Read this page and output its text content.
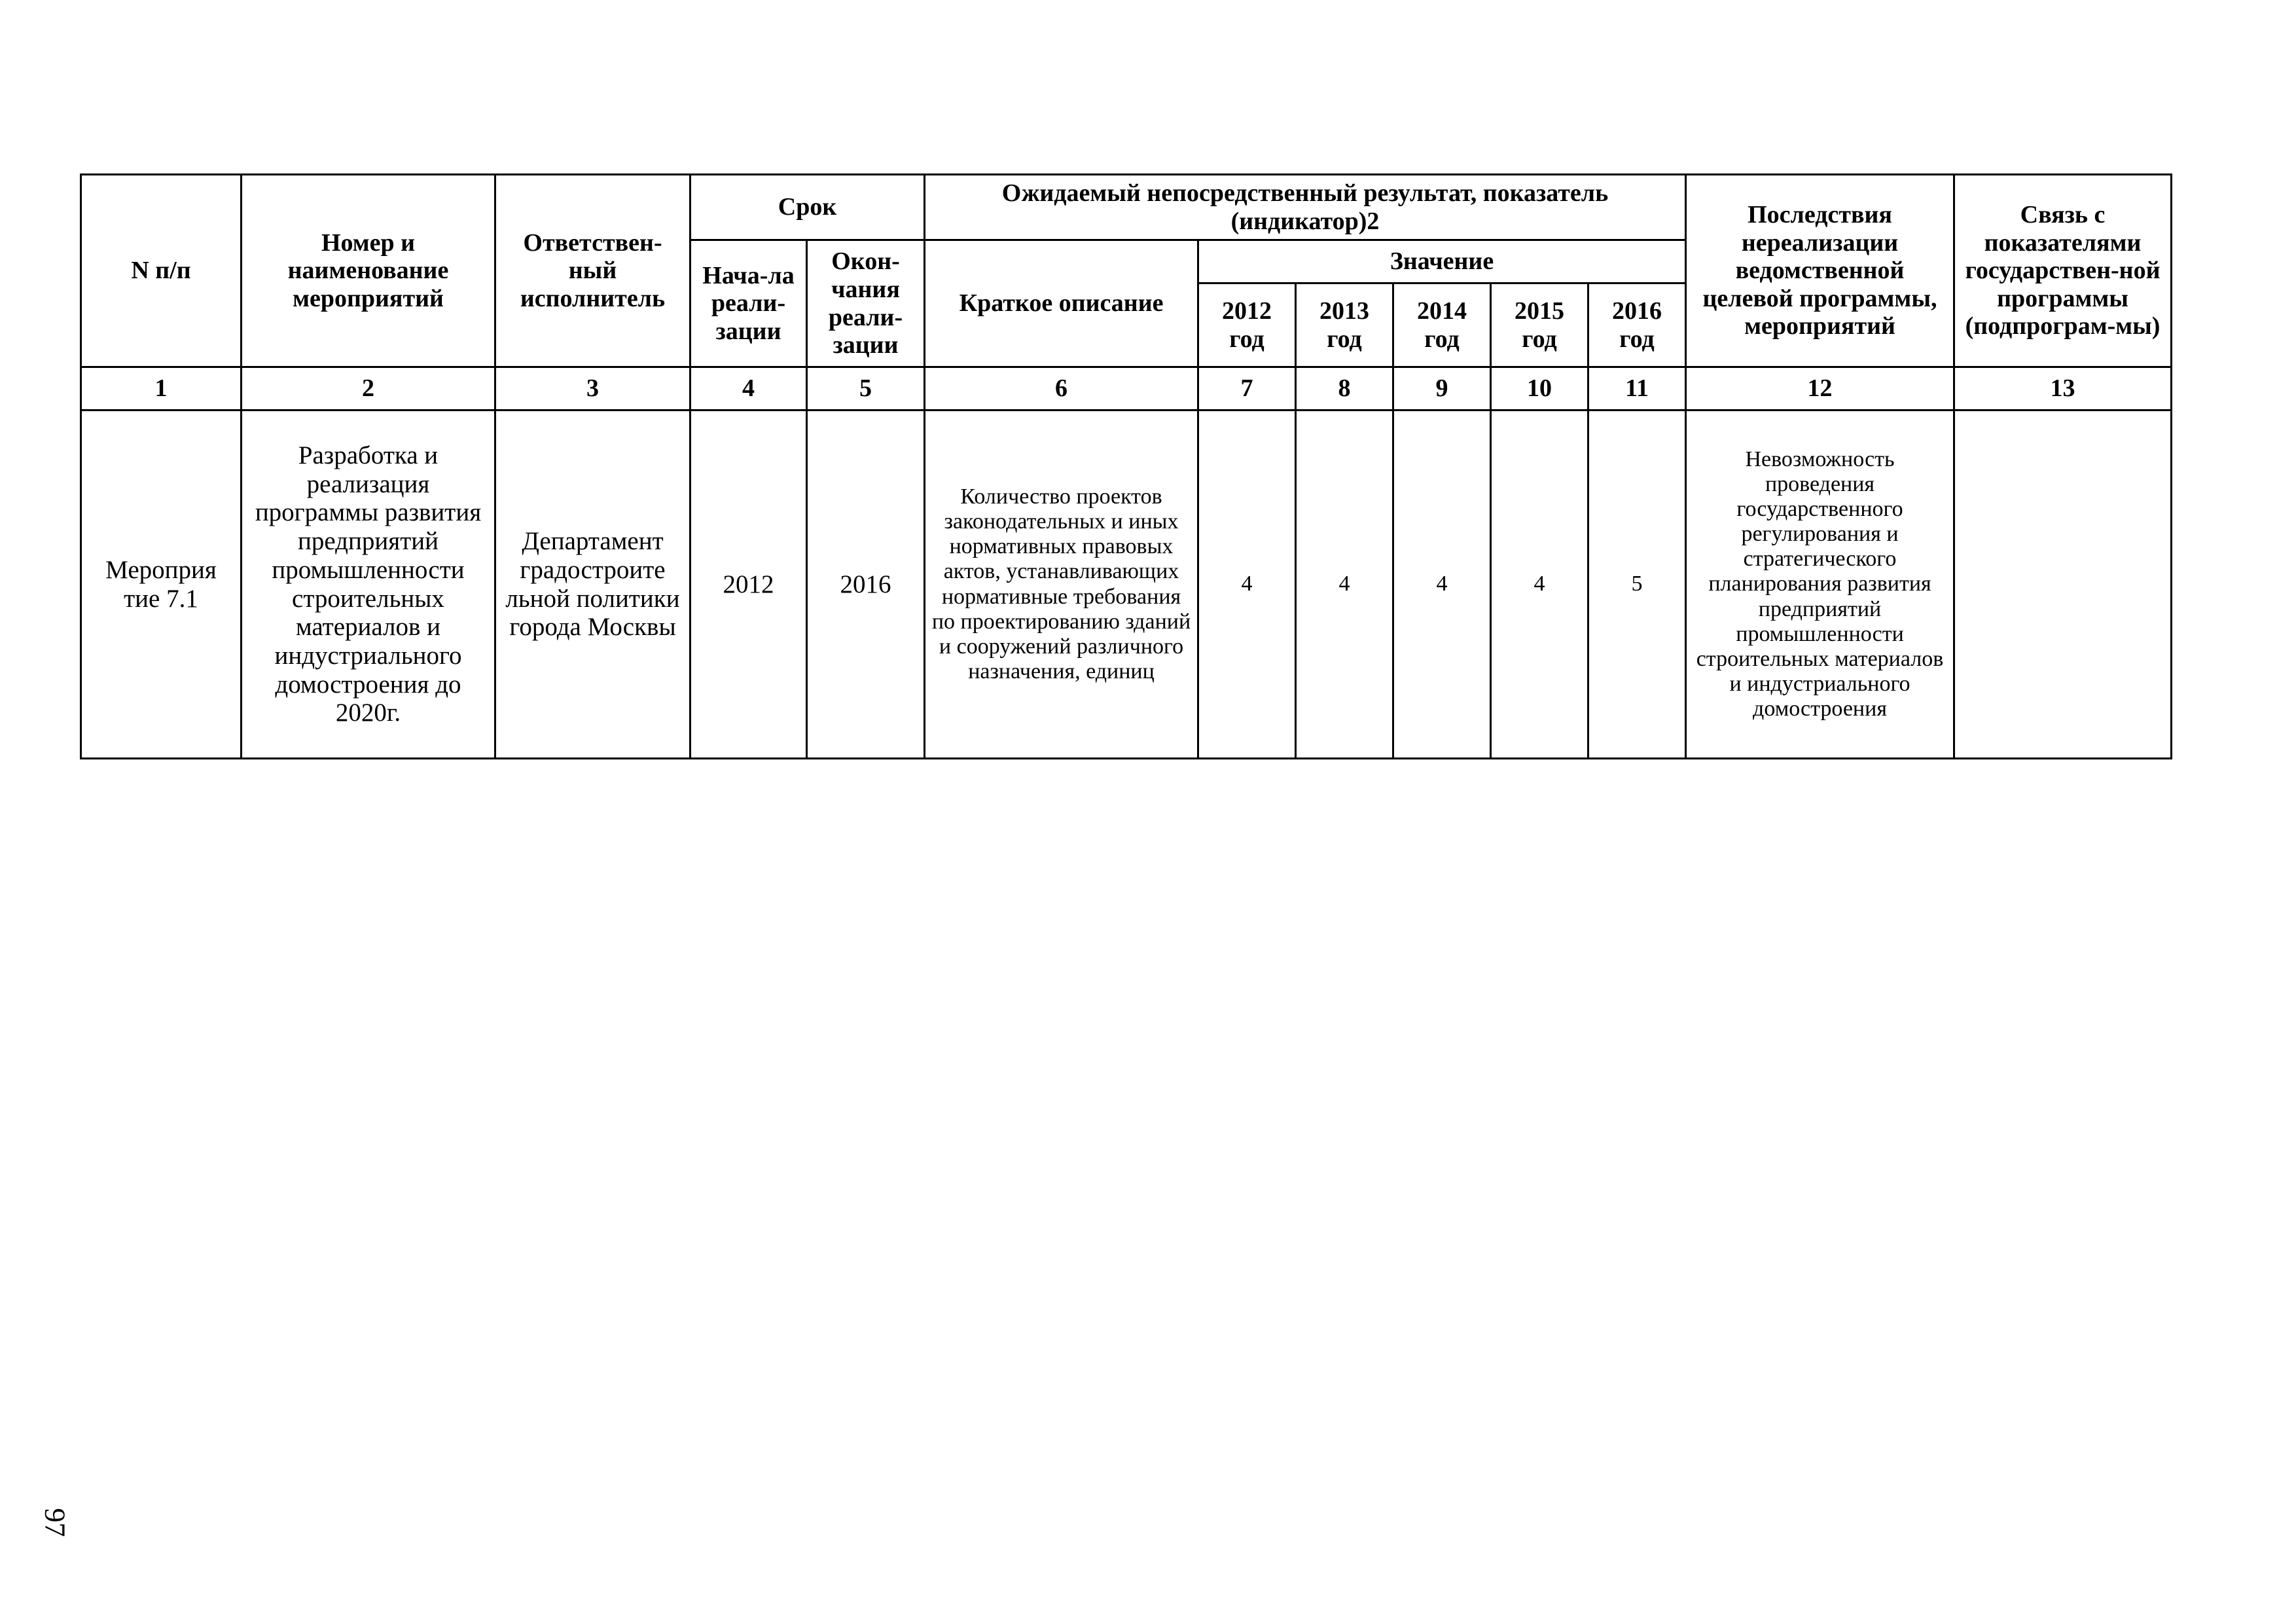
N п/п	Номер и наименование мероприятий	Ответствен-ный исполнитель	Срок		Ожидаемый непосредственный результат, показатель (индикатор)2						Последствия нереализации ведомственной целевой программы, мероприятий	Связь с показателями государствен-ной программы (подпрограм-мы)
			Нача-ла реали-зации	Окон-чания реали-зации	Краткое описание	Значение						
						2012 год	2013 год	2014 год	2015 год	2016 год		
1	2	3	4	5	6	7	8	9	10	11	12	13
Мероприя тие 7.1	Разработка и реализация программы развития предприятий промышленности строительных материалов и индустриального домостроения до 2020г.	Департамент градостроите льной политики города Москвы	2012	2016	Количество проектов законодательных и иных нормативных правовых актов, устанавливающих нормативные требования по проектированию зданий и сооружений различного назначения, единиц	4	4	4	4	5	Невозможность проведения государственного регулирования и стратегического планирования развития предприятий промышленности строительных материалов и индустриального домостроения	
97
